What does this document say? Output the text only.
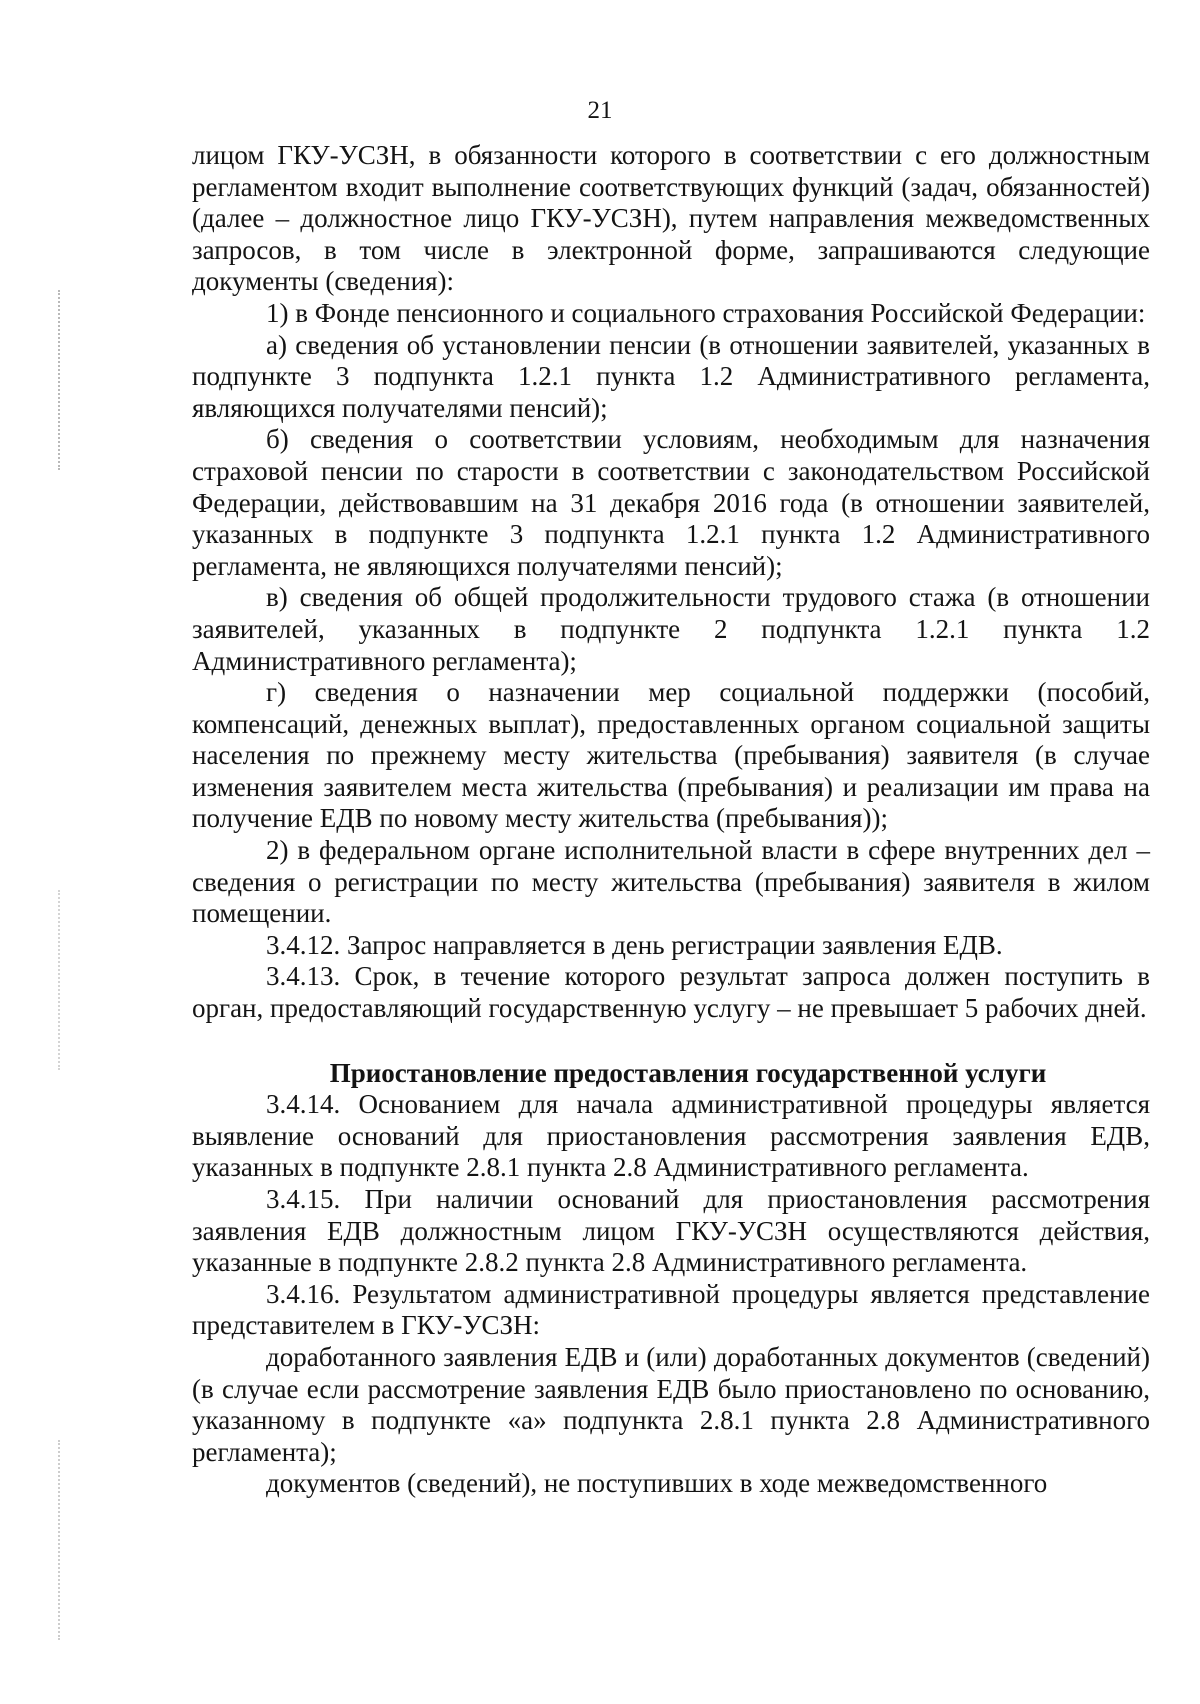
21

лицом ГКУ-УСЗН, в обязанности которого в соответствии с его должностным регламентом входит выполнение соответствующих функций (задач, обязанностей) (далее – должностное лицо ГКУ-УСЗН), путем направления межведомственных запросов, в том числе в электронной форме, запрашиваются следующие документы (сведения):

1) в Фонде пенсионного и социального страхования Российской Федерации:

а) сведения об установлении пенсии (в отношении заявителей, указанных в подпункте 3 подпункта 1.2.1 пункта 1.2 Административного регламента, являющихся получателями пенсий);

б) сведения о соответствии условиям, необходимым для назначения страховой пенсии по старости в соответствии с законодательством Российской Федерации, действовавшим на 31 декабря 2016 года (в отношении заявителей, указанных в подпункте 3 подпункта 1.2.1 пункта 1.2 Административного регламента, не являющихся получателями пенсий);

в) сведения об общей продолжительности трудового стажа (в отношении заявителей, указанных в подпункте 2 подпункта 1.2.1 пункта 1.2 Административного регламента);

г) сведения о назначении мер социальной поддержки (пособий, компенсаций, денежных выплат), предоставленных органом социальной защиты населения по прежнему месту жительства (пребывания) заявителя (в случае изменения заявителем места жительства (пребывания) и реализации им права на получение ЕДВ по новому месту жительства (пребывания));

2) в федеральном органе исполнительной власти в сфере внутренних дел – сведения о регистрации по месту жительства (пребывания) заявителя в жилом помещении.

3.4.12. Запрос направляется в день регистрации заявления ЕДВ.

3.4.13. Срок, в течение которого результат запроса должен поступить в орган, предоставляющий государственную услугу – не превышает 5 рабочих дней.

Приостановление предоставления государственной услуги

3.4.14. Основанием для начала административной процедуры является выявление оснований для приостановления рассмотрения заявления ЕДВ, указанных в подпункте 2.8.1 пункта 2.8 Административного регламента.

3.4.15. При наличии оснований для приостановления рассмотрения заявления ЕДВ должностным лицом ГКУ-УСЗН осуществляются действия, указанные в подпункте 2.8.2 пункта 2.8 Административного регламента.

3.4.16. Результатом административной процедуры является представление представителем в ГКУ-УСЗН:

доработанного заявления ЕДВ и (или) доработанных документов (сведений) (в случае если рассмотрение заявления ЕДВ было приостановлено по основанию, указанному в подпункте «а» подпункта 2.8.1 пункта 2.8 Административного регламента);

документов (сведений), не поступивших в ходе межведомственного
